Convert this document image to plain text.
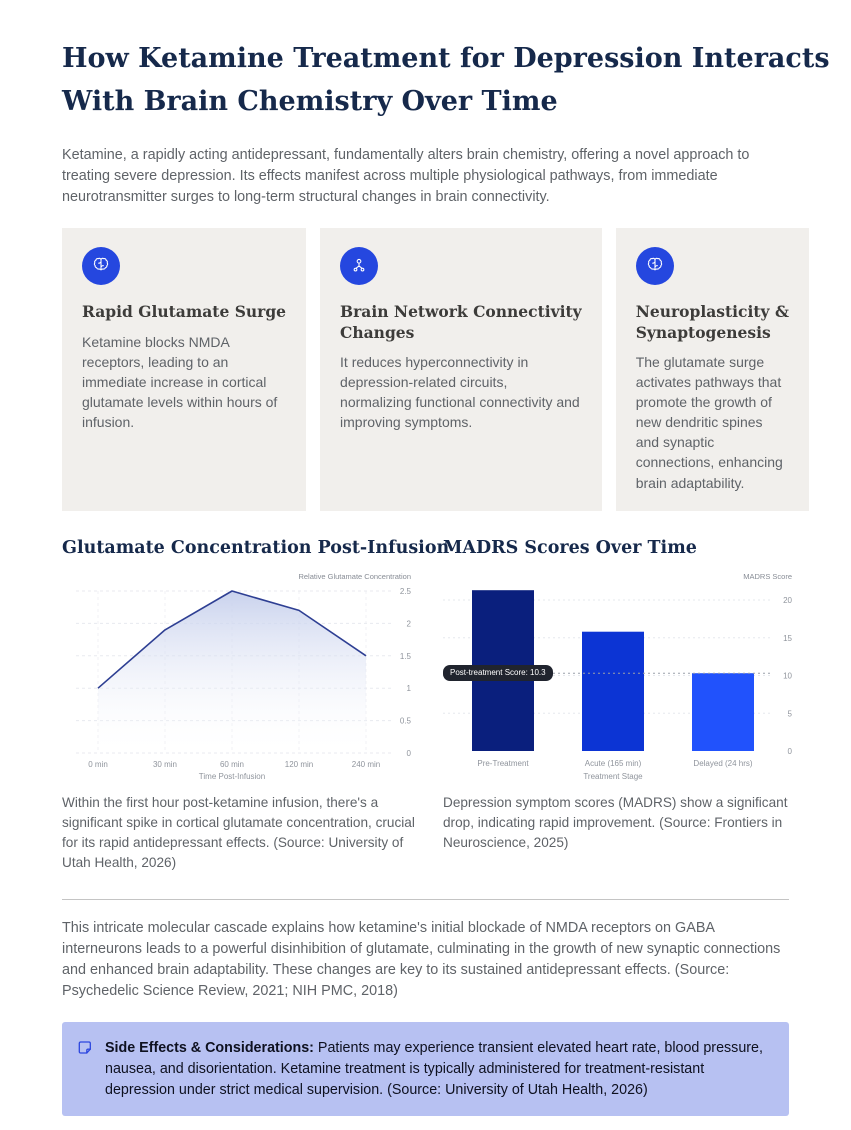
How Ketamine Treatment for Depression Interacts
With Brain Chemistry Over Time

Ketamine, a rapidly acting antidepressant, fundamentally alters brain chemistry, offering a novel approach to treating severe depression. Its effects manifest across multiple physiological pathways, from immediate neurotransmitter surges to long-term structural changes in brain connectivity.

Rapid Glutamate Surge

Ketamine blocks NMDA receptors, leading to an immediate increase in cortical glutamate levels within hours of infusion.

Brain Network Connectivity
Changes

It reduces hyperconnectivity in depression-related circuits, normalizing functional connectivity and improving symptoms.

Neuroplasticity &
Synaptogenesis

The glutamate surge activates pathways that promote the growth of new dendritic spines and synaptic connections, enhancing brain adaptability.

Glutamate Concentration Post-Infusion
0
0.5
1
1.5
2
2.5
0 min	30 min	60 min	120 min	240 min
Relative Glutamate Concentration
Time Post-Infusion

Within the first hour post-ketamine infusion, there's a significant spike in cortical glutamate concentration, crucial for its rapid antidepressant effects. (Source: University of Utah Health, 2026)

MADRS Scores Over Time
0
5
10
15
20
Pre-Treatment	Acute (165 min)	Delayed (24 hrs)
MADRS Score
Treatment Stage
Post-treatment Score: 10.3

Depression symptom scores (MADRS) show a significant drop, indicating rapid improvement. (Source: Frontiers in Neuroscience, 2025)

This intricate molecular cascade explains how ketamine's initial blockade of NMDA receptors on GABA interneurons leads to a powerful disinhibition of glutamate, culminating in the growth of new synaptic connections and enhanced brain adaptability. These changes are key to its sustained antidepressant effects. (Source: Psychedelic Science Review, 2021; NIH PMC, 2018)

Side Effects & Considerations: Patients may experience transient elevated heart rate, blood pressure, nausea, and disorientation. Ketamine treatment is typically administered for treatment-resistant depression under strict medical supervision. (Source: University of Utah Health, 2026)
